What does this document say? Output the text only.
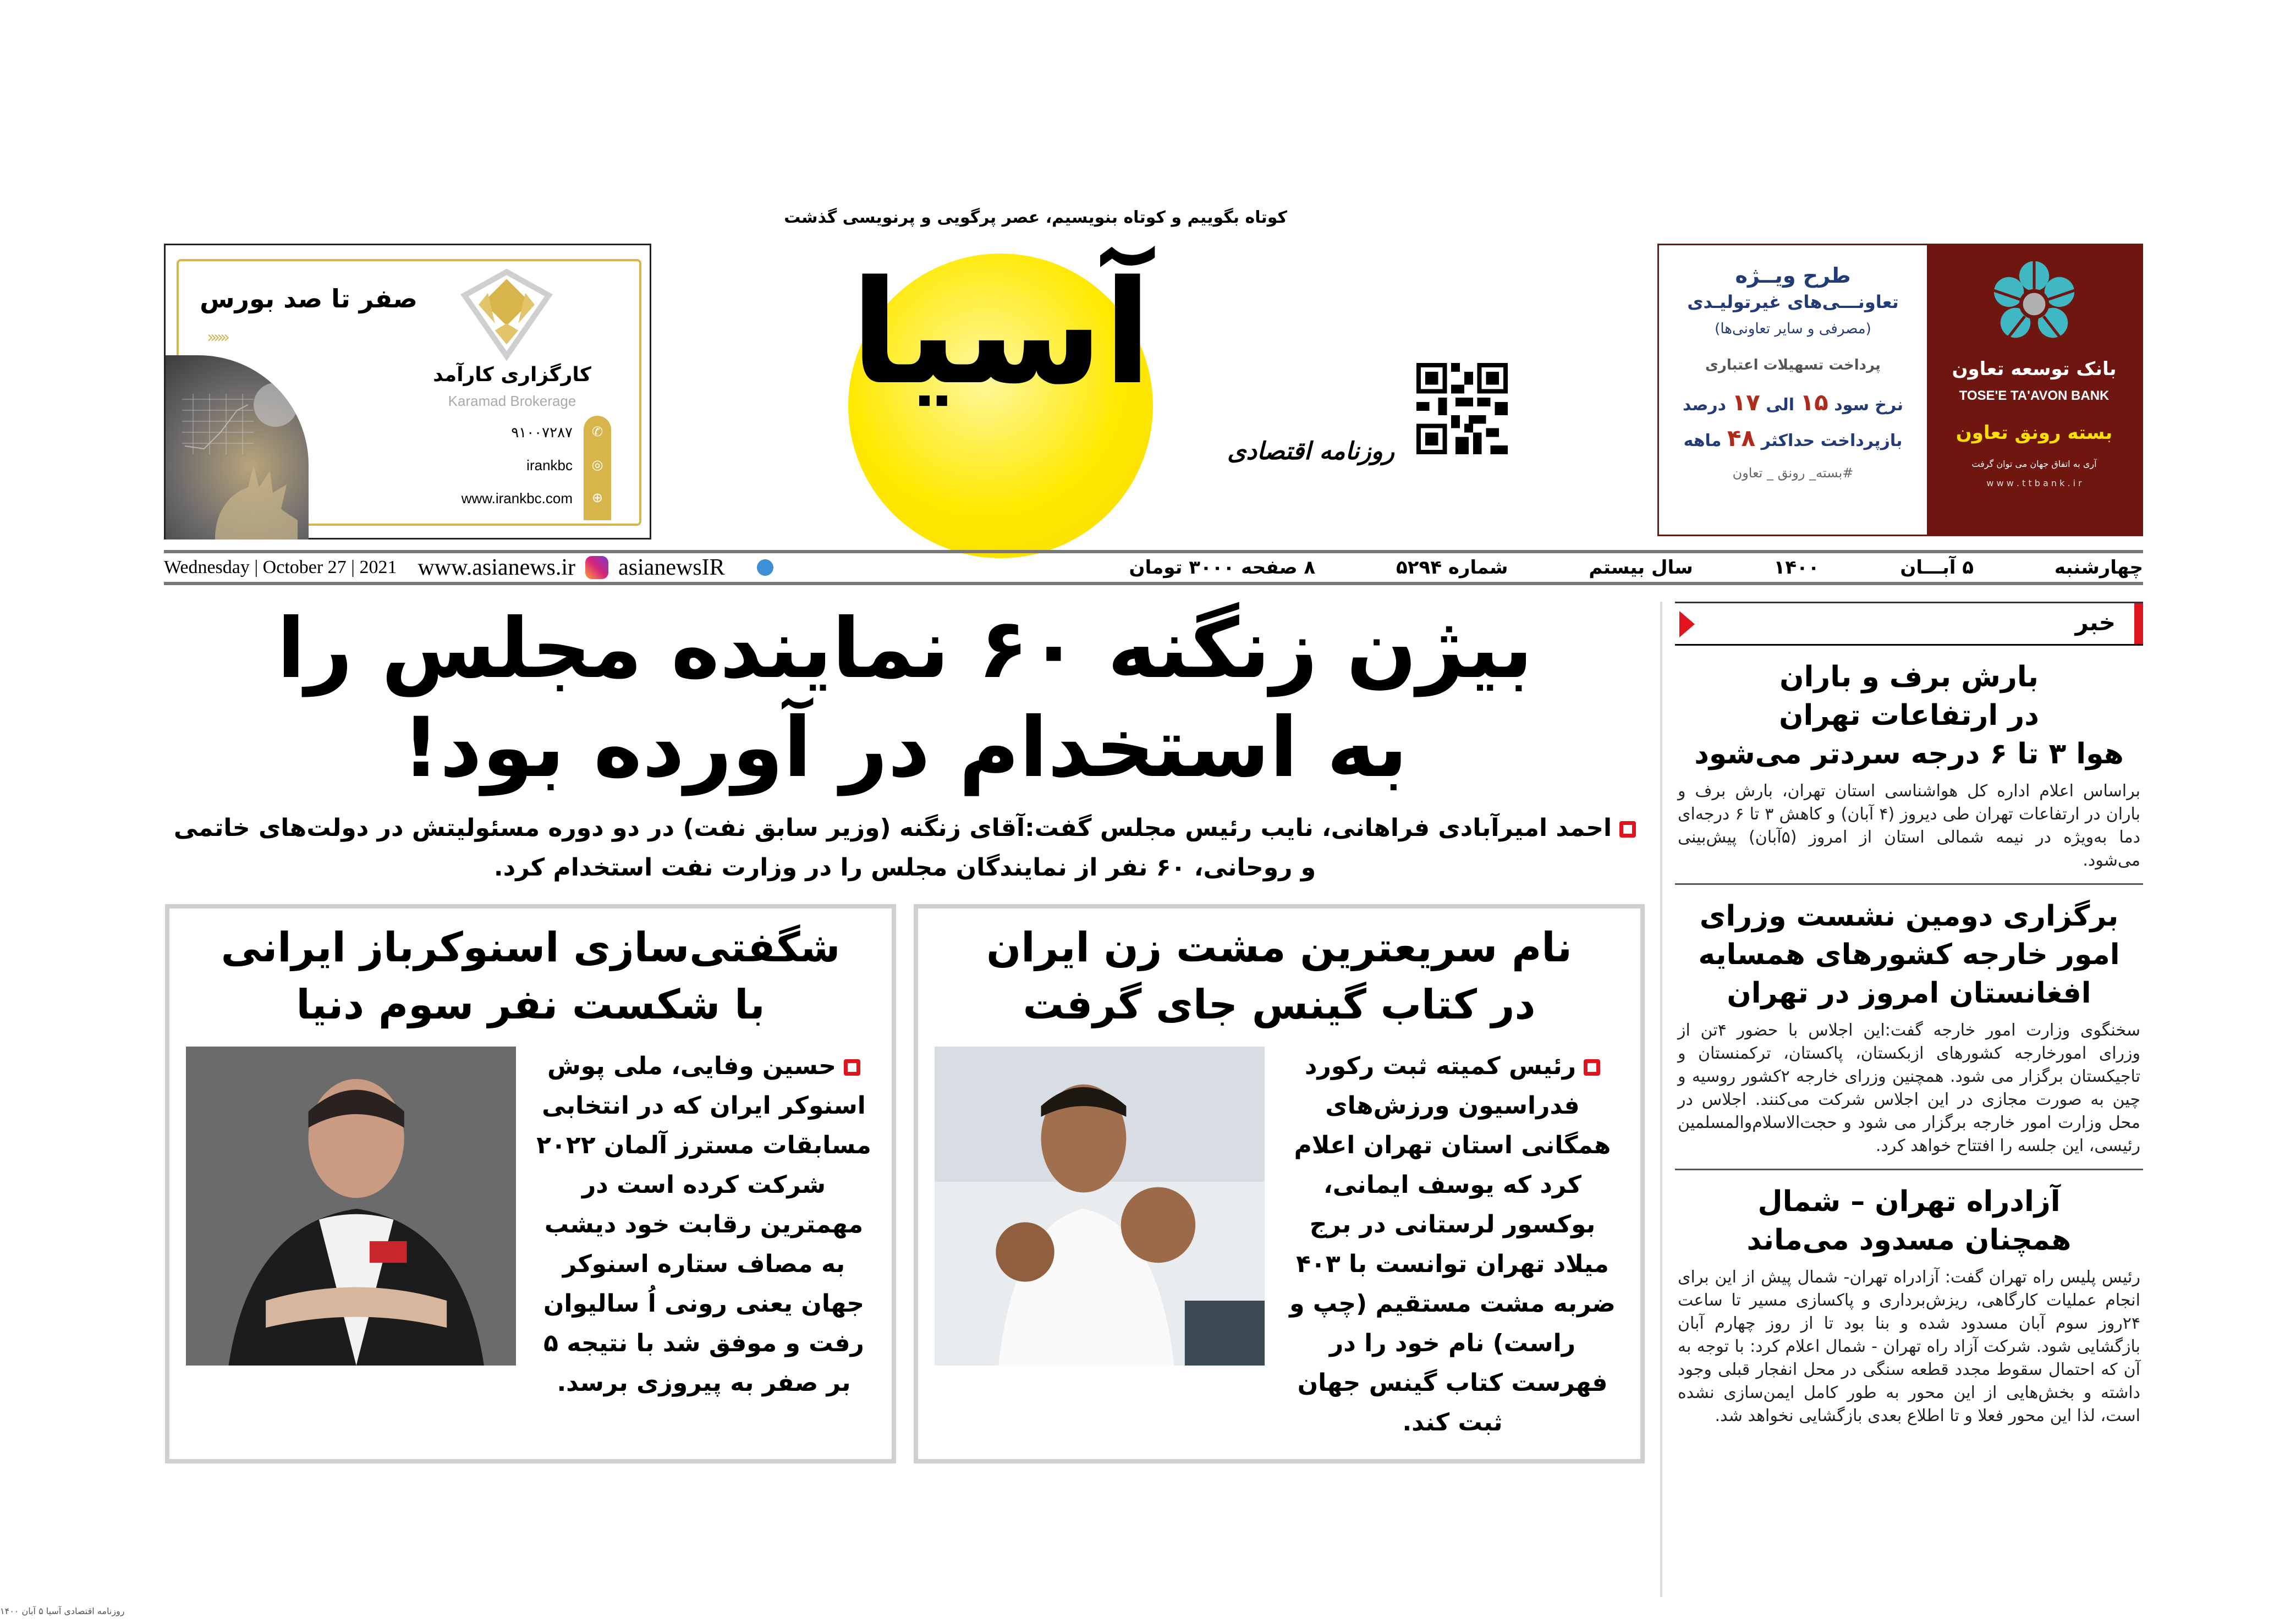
صفر تا صد بورس
››››››
کارگزاری کارآمد
Karamad Brokerage
✆
۹۱۰۰۷۲۸۷
◎
irankbc
⊕
www.irankbc.com
آسیا
کوتاه بگوییم و کوتاه بنویسیم، عصر پرگویی و پرنویسی گذشت
روزنامه اقتصادی
طرح ویــژه
تعاونـــی‌های غیرتولیـدی
(مصرفی و سایر تعاونی‌ها)
پرداخت تسهیلات اعتباری
نرخ سود ۱۵ الی ۱۷ درصد
بازپرداخت حداکثر ۴۸ ماهه
#بسته_ رونق _ تعاون
بانک توسعه تعاون
TOSE'E TA'AVON BANK
بسته رونق تعاون
آری به اتفاق جهان می توان گرفت
w w w . t t b a n k . i r
Wednesday | October 27 | 2021 www.asianews.ir asianewsIR	۸ صفحه ۳۰۰۰ تومان	شماره ۵۲۹۴	سال بیستم	۱۴۰۰	۵ آبـــان	چهارشنبه
بیژن زنگنه ۶۰ نماینده مجلس را
به استخدام در آورده بود!
احمد امیرآبادی فراهانی، نایب رئیس مجلس گفت:آقای زنگنه (وزیر سابق نفت) در دو دوره مسئولیتش در دولت‌های خاتمی و روحانی، ۶۰ نفر از نمایندگان مجلس را در وزارت نفت استخدام کرد.
نام سریعترین مشت زن ایران
در کتاب گینس جای گرفت
رئیس کمیته ثبت رکورد فدراسیون ورزش‌های همگانی استان تهران اعلام کرد که یوسف ایمانی، بوکسور لرستانی در برج میلاد تهران توانست با ۴۰۳ ضربه مشت مستقیم (چپ و راست) نام خود را در فهرست کتاب گینس جهان ثبت کند.
شگفتی‌سازی اسنوکرباز ایرانی
با شکست نفر سوم دنیا
حسین وفایی، ملی پوش اسنوکر ایران که در انتخابی مسابقات مسترز آلمان ۲۰۲۲ شرکت کرده است در مهمترین رقابت خود دیشب به مصاف ستاره اسنوکر جهان یعنی رونی اُ سالیوان رفت و موفق شد با نتیجه ۵ بر صفر به پیروزی برسد.
خبر
بارش برف و باران
در ارتفاعات تهران
هوا ۳ تا ۶ درجه سردتر می‌شود
براساس اعلام اداره کل هواشناسی استان تهران، بارش برف و باران در ارتفاعات تهران طی دیروز (۴ آبان) و کاهش ۳ تا ۶ درجه‌ای دما به‌ویژه در نیمه شمالی استان از امروز (۵آبان) پیش‌بینی می‌شود.
برگزاری دومین نشست وزرای
امور خارجه کشورهای همسایه
افغانستان امروز در تهران
سخنگوی وزارت امور خارجه گفت:این اجلاس با حضور ۴تن از وزرای امورخارجه کشورهای ازبکستان، پاکستان، ترکمنستان و تاجیکستان برگزار می شود. همچنین وزرای خارجه ۲کشور روسیه و چین به صورت مجازی در این اجلاس شرکت می‌کنند. اجلاس در محل وزارت امور خارجه برگزار می شود و حجت‌الاسلام‌والمسلمین رئیسی، این جلسه را افتتاح خواهد کرد.
آزادراه تهران – شمال
همچنان مسدود می‌ماند
رئیس پلیس راه تهران گفت: آزادراه تهران- شمال پیش از این برای انجام عملیات کارگاهی، ریزش‌برداری و پاکسازی مسیر تا ساعت ۲۴روز سوم آبان مسدود شده و بنا بود تا از روز چهارم آبان بازگشایی شود. شرکت آزاد راه تهران - شمال اعلام کرد: با توجه به آن که احتمال سقوط مجدد قطعه سنگی در محل انفجار قبلی وجود داشته و بخش‌هایی از این محور به طور کامل ایمن‌سازی نشده است، لذا این محور فعلا و تا اطلاع بعدی بازگشایی نخواهد شد.
روزنامه اقتصادی آسیا ۵ آبان ۱۴۰۰
